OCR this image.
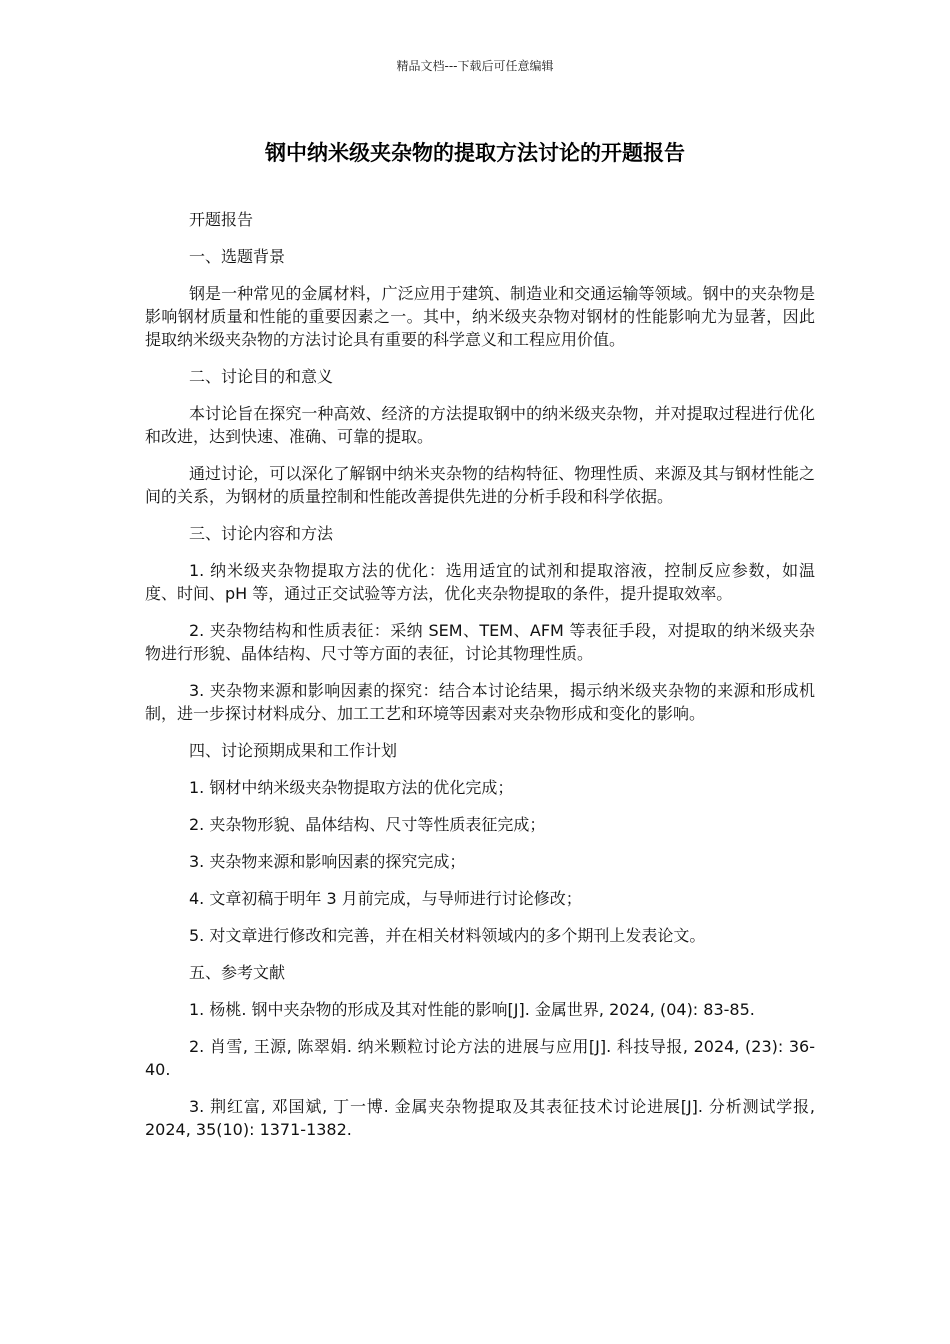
精品文档---下载后可任意编辑
钢中纳米级夹杂物的提取方法讨论的开题报告
开题报告
一、选题背景
钢是一种常见的金属材料，广泛应用于建筑、制造业和交通运输等领域。钢中的夹杂物是影响钢材质量和性能的重要因素之一。其中，纳米级夹杂物对钢材的性能影响尤为显著，因此提取纳米级夹杂物的方法讨论具有重要的科学意义和工程应用价值。
二、讨论目的和意义
本讨论旨在探究一种高效、经济的方法提取钢中的纳米级夹杂物，并对提取过程进行优化和改进，达到快速、准确、可靠的提取。
通过讨论，可以深化了解钢中纳米夹杂物的结构特征、物理性质、来源及其与钢材性能之间的关系，为钢材的质量控制和性能改善提供先进的分析手段和科学依据。
三、讨论内容和方法
1. 纳米级夹杂物提取方法的优化：选用适宜的试剂和提取溶液，控制反应参数，如温度、时间、pH 等，通过正交试验等方法，优化夹杂物提取的条件，提升提取效率。
2. 夹杂物结构和性质表征：采纳 SEM、TEM、AFM 等表征手段，对提取的纳米级夹杂物进行形貌、晶体结构、尺寸等方面的表征，讨论其物理性质。
3. 夹杂物来源和影响因素的探究：结合本讨论结果，揭示纳米级夹杂物的来源和形成机制，进一步探讨材料成分、加工工艺和环境等因素对夹杂物形成和变化的影响。
四、讨论预期成果和工作计划
1. 钢材中纳米级夹杂物提取方法的优化完成；
2. 夹杂物形貌、晶体结构、尺寸等性质表征完成；
3. 夹杂物来源和影响因素的探究完成；
4. 文章初稿于明年 3 月前完成，与导师进行讨论修改；
5. 对文章进行修改和完善，并在相关材料领域内的多个期刊上发表论文。
五、参考文献
1. 杨桃. 钢中夹杂物的形成及其对性能的影响[J]. 金属世界, 2024, (04): 83-85.
2. 肖雪, 王源, 陈翠娟. 纳米颗粒讨论方法的进展与应用[J]. 科技导报, 2024, (23): 36-40.
3. 荆红富, 邓国斌, 丁一博. 金属夹杂物提取及其表征技术讨论进展[J]. 分析测试学报, 2024, 35(10): 1371-1382.
